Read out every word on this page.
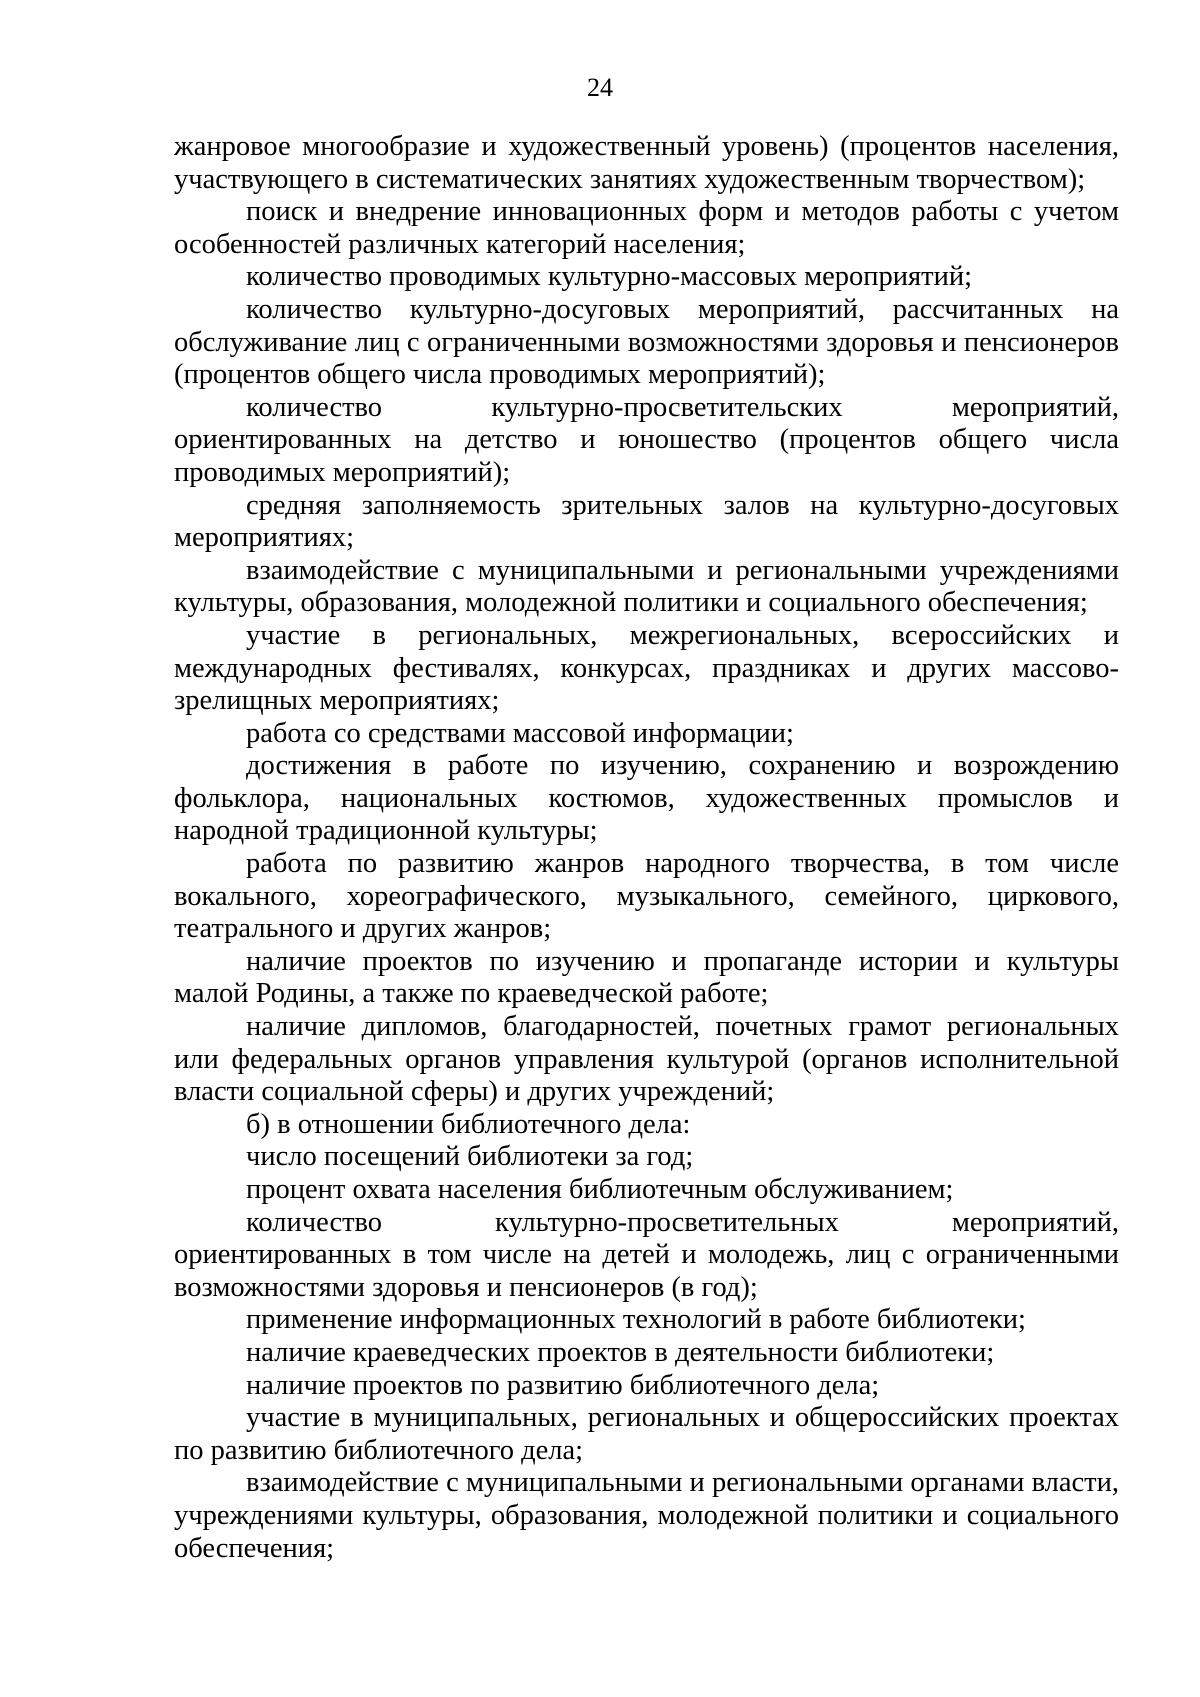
24

жанровое многообразие и художественный уровень) (процентов населения, участвующего в систематических занятиях художественным творчеством);

поиск и внедрение инновационных форм и методов работы с учетом особенностей различных категорий населения;

количество проводимых культурно-массовых мероприятий;

количество культурно-досуговых мероприятий, рассчитанных на обслуживание лиц с ограниченными возможностями здоровья и пенсионеров (процентов общего числа проводимых мероприятий);

количество культурно-просветительских мероприятий, ориентированных на детство и юношество (процентов общего числа проводимых мероприятий);

средняя заполняемость зрительных залов на культурно-досуговых мероприятиях;

взаимодействие с муниципальными и региональными учреждениями культуры, образования, молодежной политики и социального обеспечения;

участие в региональных, межрегиональных, всероссийских и международных фестивалях, конкурсах, праздниках и других массово-зрелищных мероприятиях;

работа со средствами массовой информации;

достижения в работе по изучению, сохранению и возрождению фольклора, национальных костюмов, художественных промыслов и народной традиционной культуры;

работа по развитию жанров народного творчества, в том числе вокального, хореографического, музыкального, семейного, циркового, театрального и других жанров;

наличие проектов по изучению и пропаганде истории и культуры малой Родины, а также по краеведческой работе;

наличие дипломов, благодарностей, почетных грамот региональных или федеральных органов управления культурой (органов исполнительной власти социальной сферы) и других учреждений;

б) в отношении библиотечного дела:

число посещений библиотеки за год;

процент охвата населения библиотечным обслуживанием;

количество культурно-просветительных мероприятий, ориентированных в том числе на детей и молодежь, лиц с ограниченными возможностями здоровья и пенсионеров (в год);

применение информационных технологий в работе библиотеки;

наличие краеведческих проектов в деятельности библиотеки;

наличие проектов по развитию библиотечного дела;

участие в муниципальных, региональных и общероссийских проектах по развитию библиотечного дела;

взаимодействие с муниципальными и региональными органами власти, учреждениями культуры, образования, молодежной политики и социального обеспечения;
